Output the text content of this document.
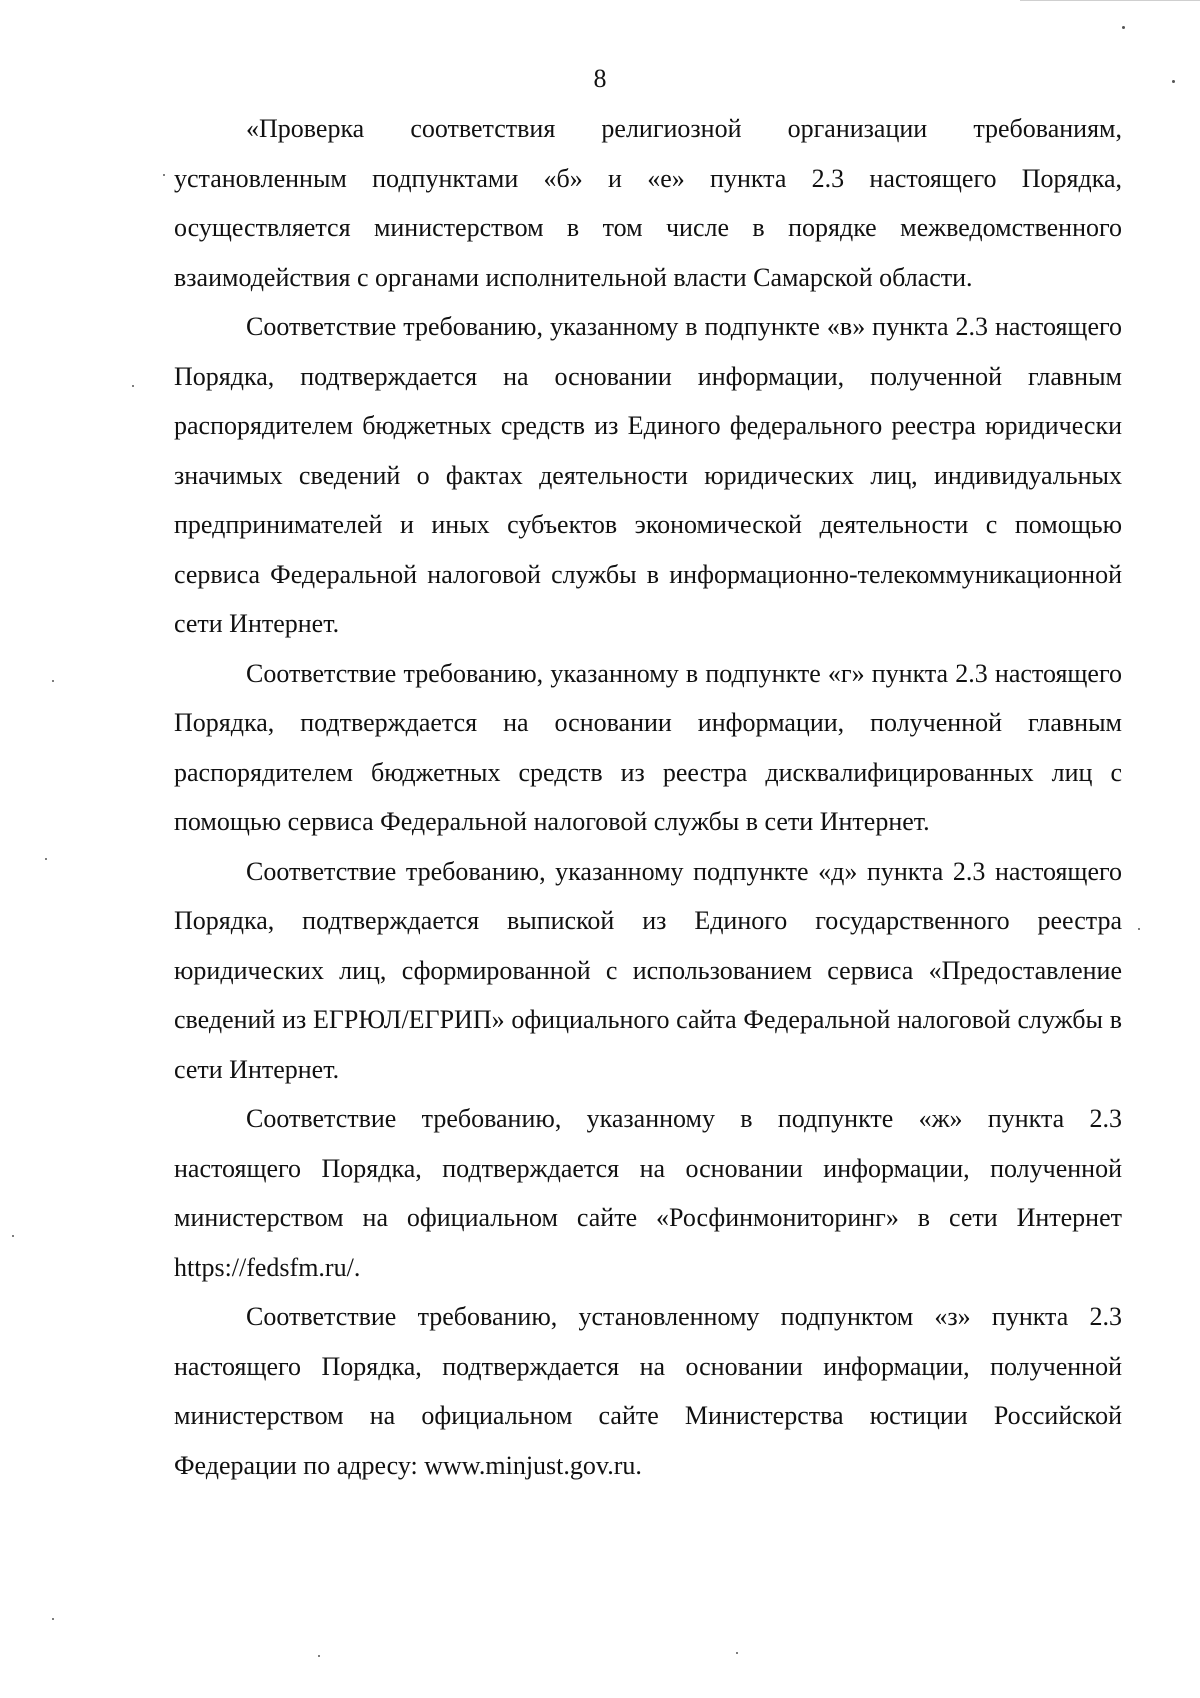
8

«Проверка соответствия религиозной организации требованиям, установленным подпунктами «б» и «е» пункта 2.3 настоящего Порядка, осуществляется министерством в том числе в порядке межведомственного взаимодействия с органами исполнительной власти Самарской области.

Соответствие требованию, указанному в подпункте «в» пункта 2.3 настоящего Порядка, подтверждается на основании информации, полученной главным распорядителем бюджетных средств из Единого федерального реестра юридически значимых сведений о фактах деятельности юридических лиц, индивидуальных предпринимателей и иных субъектов экономической деятельности с помощью сервиса Федеральной налоговой службы в информационно-телекоммуникационной сети Интернет.

Соответствие требованию, указанному в подпункте «г» пункта 2.3 настоящего Порядка, подтверждается на основании информации, полученной главным распорядителем бюджетных средств из реестра дисквалифицированных лиц с помощью сервиса Федеральной налоговой службы в сети Интернет.

Соответствие требованию, указанному подпункте «д» пункта 2.3 настоящего Порядка, подтверждается выпиской из Единого государственного реестра юридических лиц, сформированной с использованием сервиса «Предоставление сведений из ЕГРЮЛ/ЕГРИП» официального сайта Федеральной налоговой службы в сети Интернет.

Соответствие требованию, указанному в подпункте «ж» пункта 2.3 настоящего Порядка, подтверждается на основании информации, полученной министерством на официальном сайте «Росфинмониторинг» в сети Интернет https://fedsfm.ru/.

Соответствие требованию, установленному подпунктом «з» пункта 2.3 настоящего Порядка, подтверждается на основании информации, полученной министерством на официальном сайте Министерства юстиции Российской Федерации по адресу: www.minjust.gov.ru.
